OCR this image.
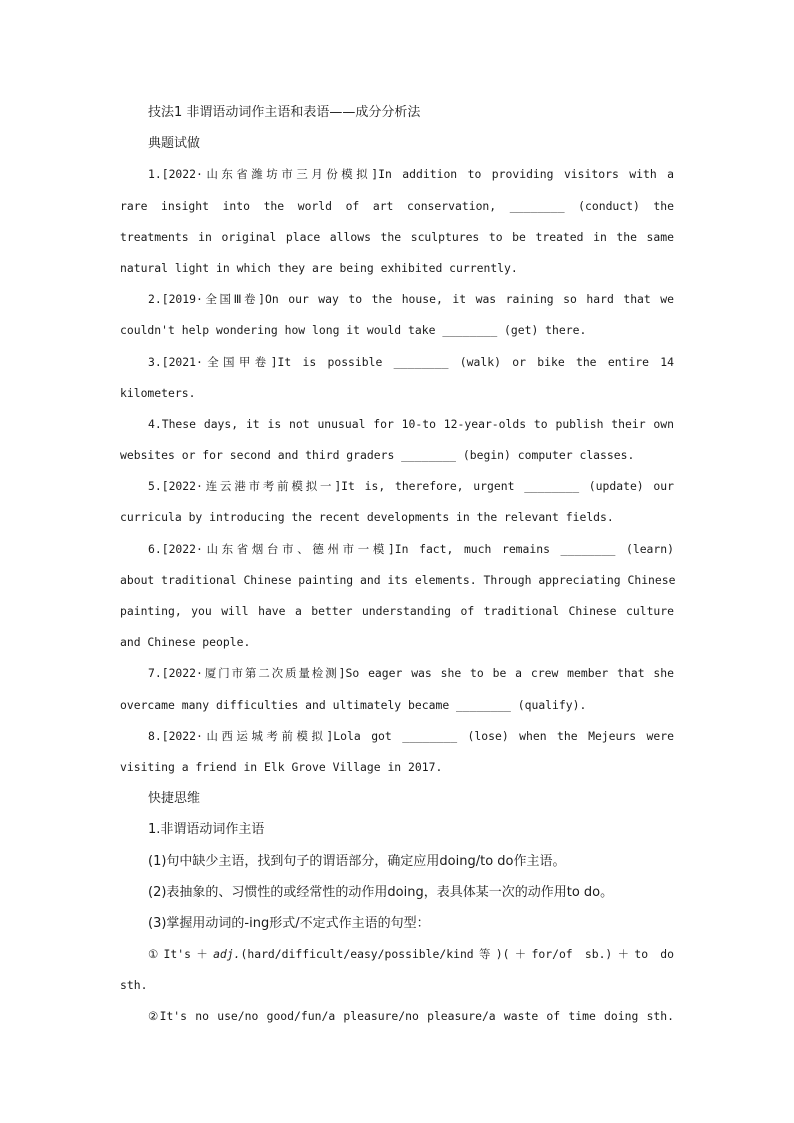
技法1 非谓语动词作主语和表语——成分分析法
典题试做
1.[2022·山东省潍坊市三月份模拟]In addition to providing visitors with a
rare insight into the world of art conservation, ________ (conduct) the
treatments in original place allows the sculptures to be treated in the same
natural light in which they are being exhibited currently.
2.[2019·全国Ⅲ卷]On our way to the house, it was raining so hard that we
couldn't help wondering how long it would take ________ (get) there.
3.[2021·全国甲卷]It is possible ________ (walk) or bike the entire 14
kilometers.
4.These days, it is not unusual for 10-to 12-year-olds to publish their own
websites or for second and third graders ________ (begin) computer classes.
5.[2022·连云港市考前模拟一]It is, therefore, urgent ________ (update) our
curricula by introducing the recent developments in the relevant fields.
6.[2022·山东省烟台市、德州市一模]In fact, much remains ________ (learn)
about traditional Chinese painting and its elements. Through appreciating Chinese
painting, you will have a better understanding of traditional Chinese culture
and Chinese people.
7.[2022·厦门市第二次质量检测]So eager was she to be a crew member that she
overcame many difficulties and ultimately became ________ (qualify).
8.[2022·山西运城考前模拟]Lola got ________ (lose) when the Mejeurs were
visiting a friend in Elk Grove Village in 2017.
快捷思维
1.非谓语动词作主语
(1)句中缺少主语，找到句子的谓语部分，确定应用doing/to do作主语。
(2)表抽象的、习惯性的或经常性的动作用doing，表具体某一次的动作用to do。
(3)掌握用动词的-ing形式/不定式作主语的句型：
①It's＋adj.(hard/difficult/easy/possible/kind等)(＋for/of sb.)＋to do
sth.
②It's no use/no good/fun/a pleasure/no pleasure/a waste of time doing sth.
